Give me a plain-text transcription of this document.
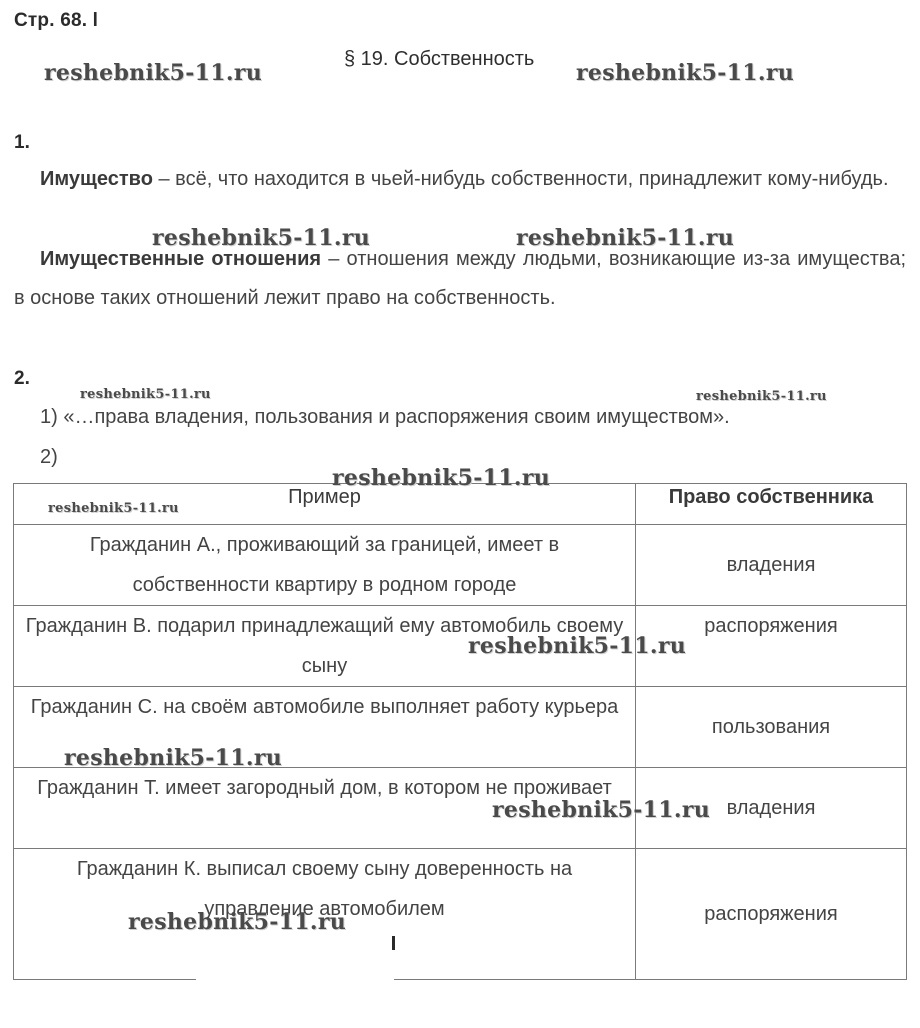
Стр. 68. l
§ 19. Собственность
1.
Имущество – всё, что находится в чьей-нибудь собственности, принадлежит кому-нибудь.
Имущественные отношения – отношения между людьми, возникающие из-за имущества; в основе таких отношений лежит право на собственность.
2.
1) «…права владения, пользования и распоряжения своим имуществом».
2)
Пример	Право собственника
Гражданин А., проживающий за границей, имеет в собственности квартиру в родном городе	владения
Гражданин В. подарил принадлежащий ему автомобиль своему сыну	распоряжения
Гражданин С. на своём автомобиле выполняет работу курьера	пользования
Гражданин Т. имеет загородный дом, в котором не проживает	владения
Гражданин К. выписал своему сыну доверенность на управление автомобилем	распоряжения
reshebnik5-11.ru	reshebnik5-11.ru
reshebnik5-11.ru	reshebnik5-11.ru
reshebnik5-11.ru	reshebnik5-11.ru
reshebnik5-11.ru
reshebnik5-11.ru
reshebnik5-11.ru
reshebnik5-11.ru
reshebnik5-11.ru
reshebnik5-11.ru
